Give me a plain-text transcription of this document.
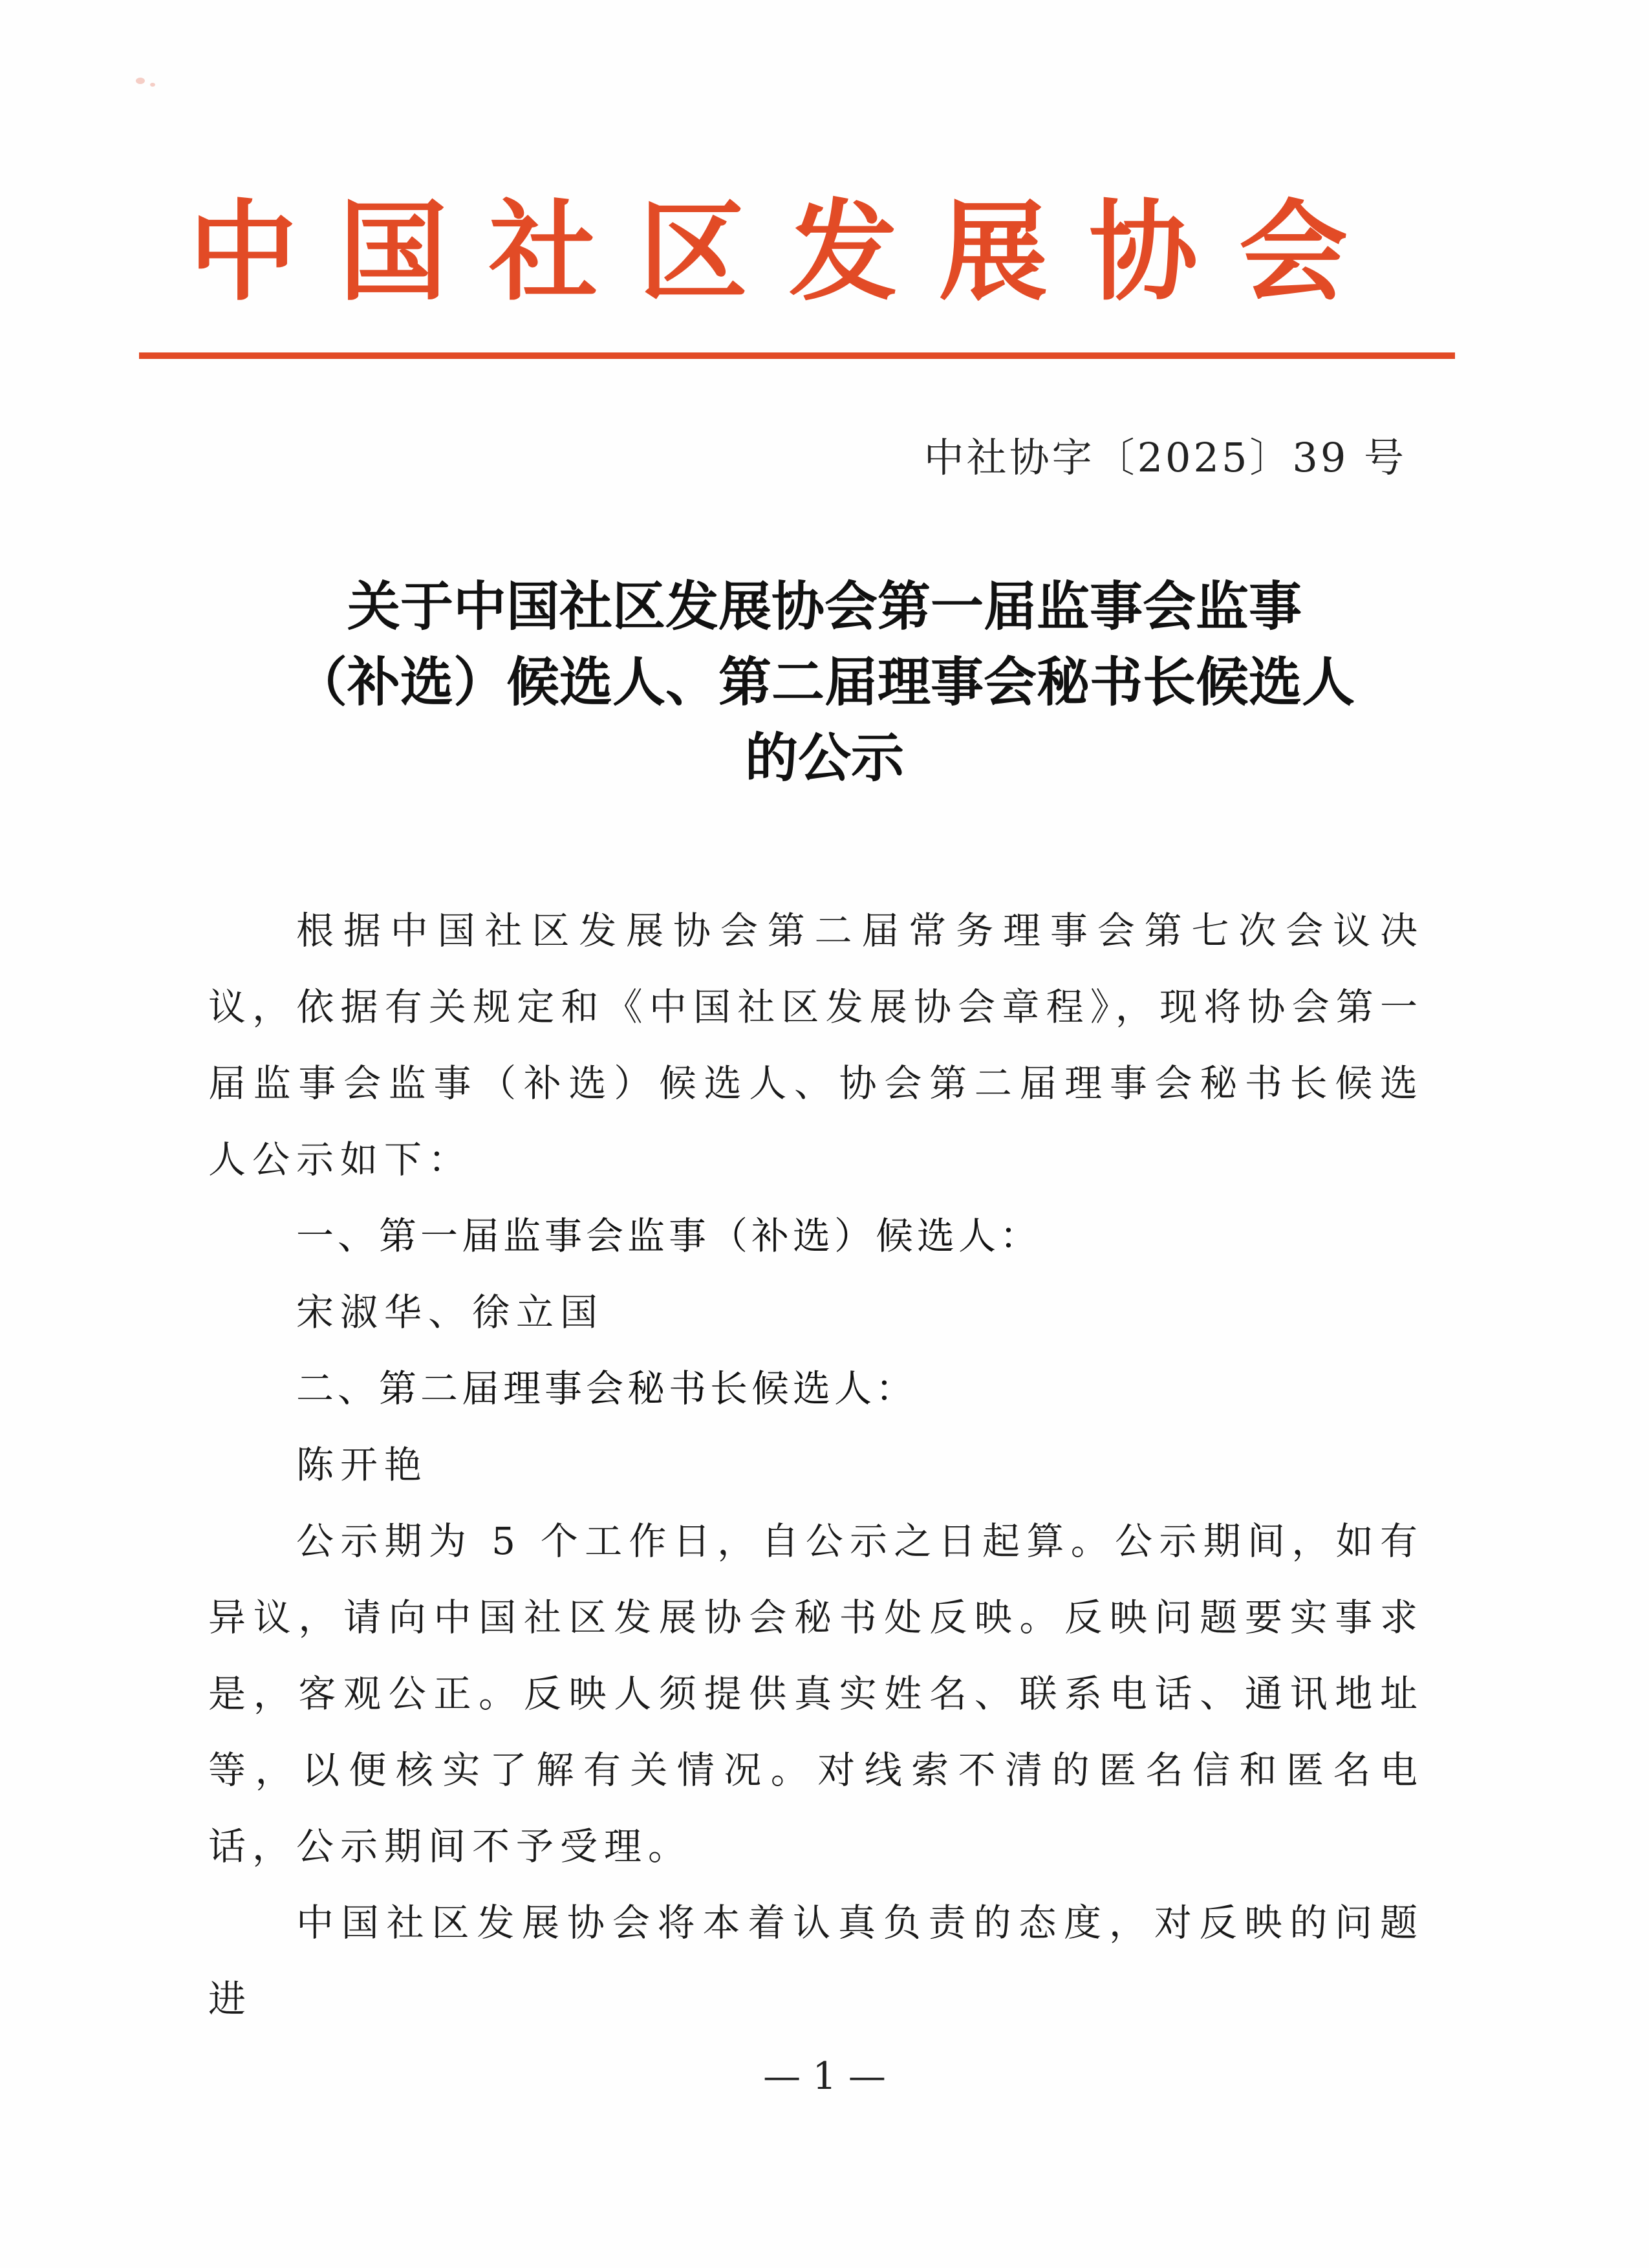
中国社区发展协会
中社协字〔2025〕39 号
关于中国社区发展协会第一届监事会监事
（补选）候选人、第二届理事会秘书长候选人
的公示

根据中国社区发展协会第二届常务理事会第七次会议决议，依据有关规定和《中国社区发展协会章程》，现将协会第一届监事会监事（补选）候选人、协会第二届理事会秘书长候选人公示如下：

一、第一届监事会监事（补选）候选人：

宋淑华、徐立国

二、第二届理事会秘书长候选人：

陈开艳

公示期为 5 个工作日，自公示之日起算。公示期间，如有异议，请向中国社区发展协会秘书处反映。反映问题要实事求是，客观公正。反映人须提供真实姓名、联系电话、通讯地址等，以便核实了解有关情况。对线索不清的匿名信和匿名电话，公示期间不予受理。

中国社区发展协会将本着认真负责的态度，对反映的问题进

— 1 —
